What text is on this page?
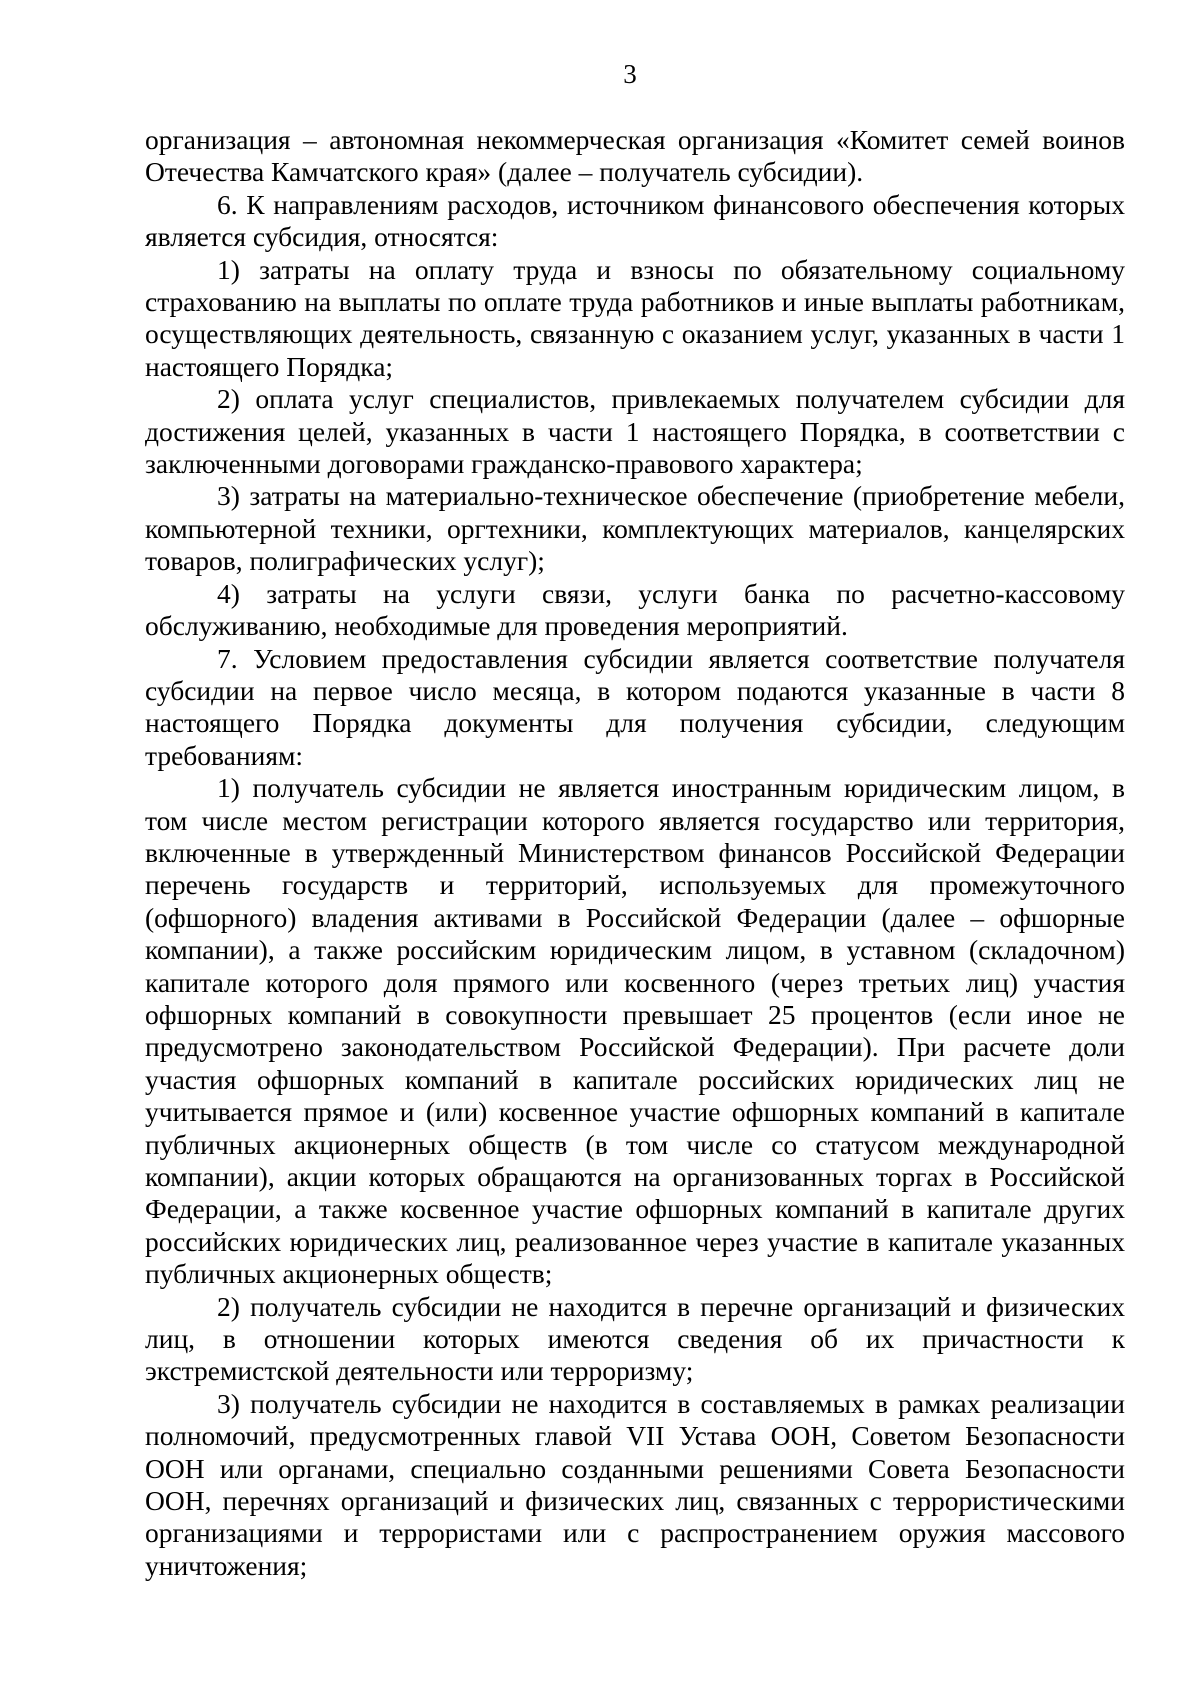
3

организация – автономная некоммерческая организация «Комитет семей воинов Отечества Камчатского края» (далее – получатель субсидии).

6. К направлениям расходов, источником финансового обеспечения которых является субсидия, относятся:

1) затраты на оплату труда и взносы по обязательному социальному страхованию на выплаты по оплате труда работников и иные выплаты работникам, осуществляющих деятельность, связанную с оказанием услуг, указанных в части 1 настоящего Порядка;

2) оплата услуг специалистов, привлекаемых получателем субсидии для достижения целей, указанных в части 1 настоящего Порядка, в соответствии с заключенными договорами гражданско-правового характера;

3) затраты на материально-техническое обеспечение (приобретение мебели, компьютерной техники, оргтехники, комплектующих материалов, канцелярских товаров, полиграфических услуг);

4) затраты на услуги связи, услуги банка по расчетно-кассовому обслуживанию, необходимые для проведения мероприятий.

7. Условием предоставления субсидии является соответствие получателя субсидии на первое число месяца, в котором подаются указанные в части 8 настоящего Порядка документы для получения субсидии, следующим требованиям:

1) получатель субсидии не является иностранным юридическим лицом, в том числе местом регистрации которого является государство или территория, включенные в утвержденный Министерством финансов Российской Федерации перечень государств и территорий, используемых для промежуточного (офшорного) владения активами в Российской Федерации (далее – офшорные компании), а также российским юридическим лицом, в уставном (складочном) капитале которого доля прямого или косвенного (через третьих лиц) участия офшорных компаний в совокупности превышает 25 процентов (если иное не предусмотрено законодательством Российской Федерации). При расчете доли участия офшорных компаний в капитале российских юридических лиц не учитывается прямое и (или) косвенное участие офшорных компаний в капитале публичных акционерных обществ (в том числе со статусом международной компании), акции которых обращаются на организованных торгах в Российской Федерации, а также косвенное участие офшорных компаний в капитале других российских юридических лиц, реализованное через участие в капитале указанных публичных акционерных обществ;

2) получатель субсидии не находится в перечне организаций и физических лиц, в отношении которых имеются сведения об их причастности к экстремистской деятельности или терроризму;

3) получатель субсидии не находится в составляемых в рамках реализации полномочий, предусмотренных главой VII Устава ООН, Советом Безопасности ООН или органами, специально созданными решениями Совета Безопасности ООН, перечнях организаций и физических лиц, связанных с террористическими организациями и террористами или с распространением оружия массового уничтожения;
